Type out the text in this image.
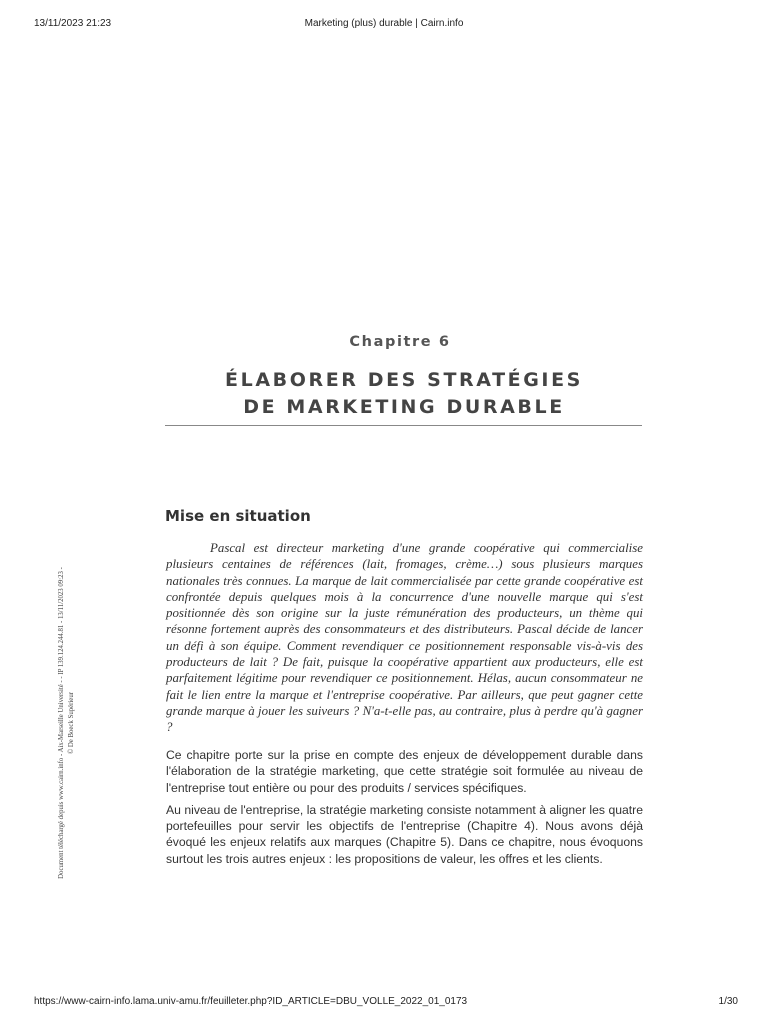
13/11/2023 21:23	Marketing (plus) durable | Cairn.info
Chapitre 6
ÉLABORER DES STRATÉGIES
DE MARKETING DURABLE
Mise en situation

Pascal est directeur marketing d'une grande coopérative qui commercialise plusieurs centaines de références (lait, fromages, crème…) sous plusieurs marques nationales très connues. La marque de lait commercialisée par cette grande coopérative est confrontée depuis quelques mois à la concurrence d'une nouvelle marque qui s'est positionnée dès son origine sur la juste rémunération des producteurs, un thème qui résonne fortement auprès des consommateurs et des distributeurs. Pascal décide de lancer un défi à son équipe. Comment revendiquer ce positionnement responsable vis-à-vis des producteurs de lait ? De fait, puisque la coopérative appartient aux producteurs, elle est parfaitement légitime pour revendiquer ce positionnement. Hélas, aucun consommateur ne fait le lien entre la marque et l'entreprise coopérative. Par ailleurs, que peut gagner cette grande marque à jouer les suiveurs ? N'a-t-elle pas, au contraire, plus à perdre qu'à gagner ?

Ce chapitre porte sur la prise en compte des enjeux de développement durable dans l'élaboration de la stratégie marketing, que cette stratégie soit formulée au niveau de l'entreprise tout entière ou pour des produits / services spécifiques.

Au niveau de l'entreprise, la stratégie marketing consiste notamment à aligner les quatre portefeuilles pour servir les objectifs de l'entreprise (Chapitre 4). Nous avons déjà évoqué les enjeux relatifs aux marques (Chapitre 5). Dans ce chapitre, nous évoquons surtout les trois autres enjeux : les propositions de valeur, les offres et les clients.

Document téléchargé depuis www.cairn.info - Aix-Marseille Université - - IP 139.124.244.81 - 13/11/2023 09:23 - © De Boeck Supérieur
https://www-cairn-info.lama.univ-amu.fr/feuilleter.php?ID_ARTICLE=DBU_VOLLE_2022_01_0173	1/30
